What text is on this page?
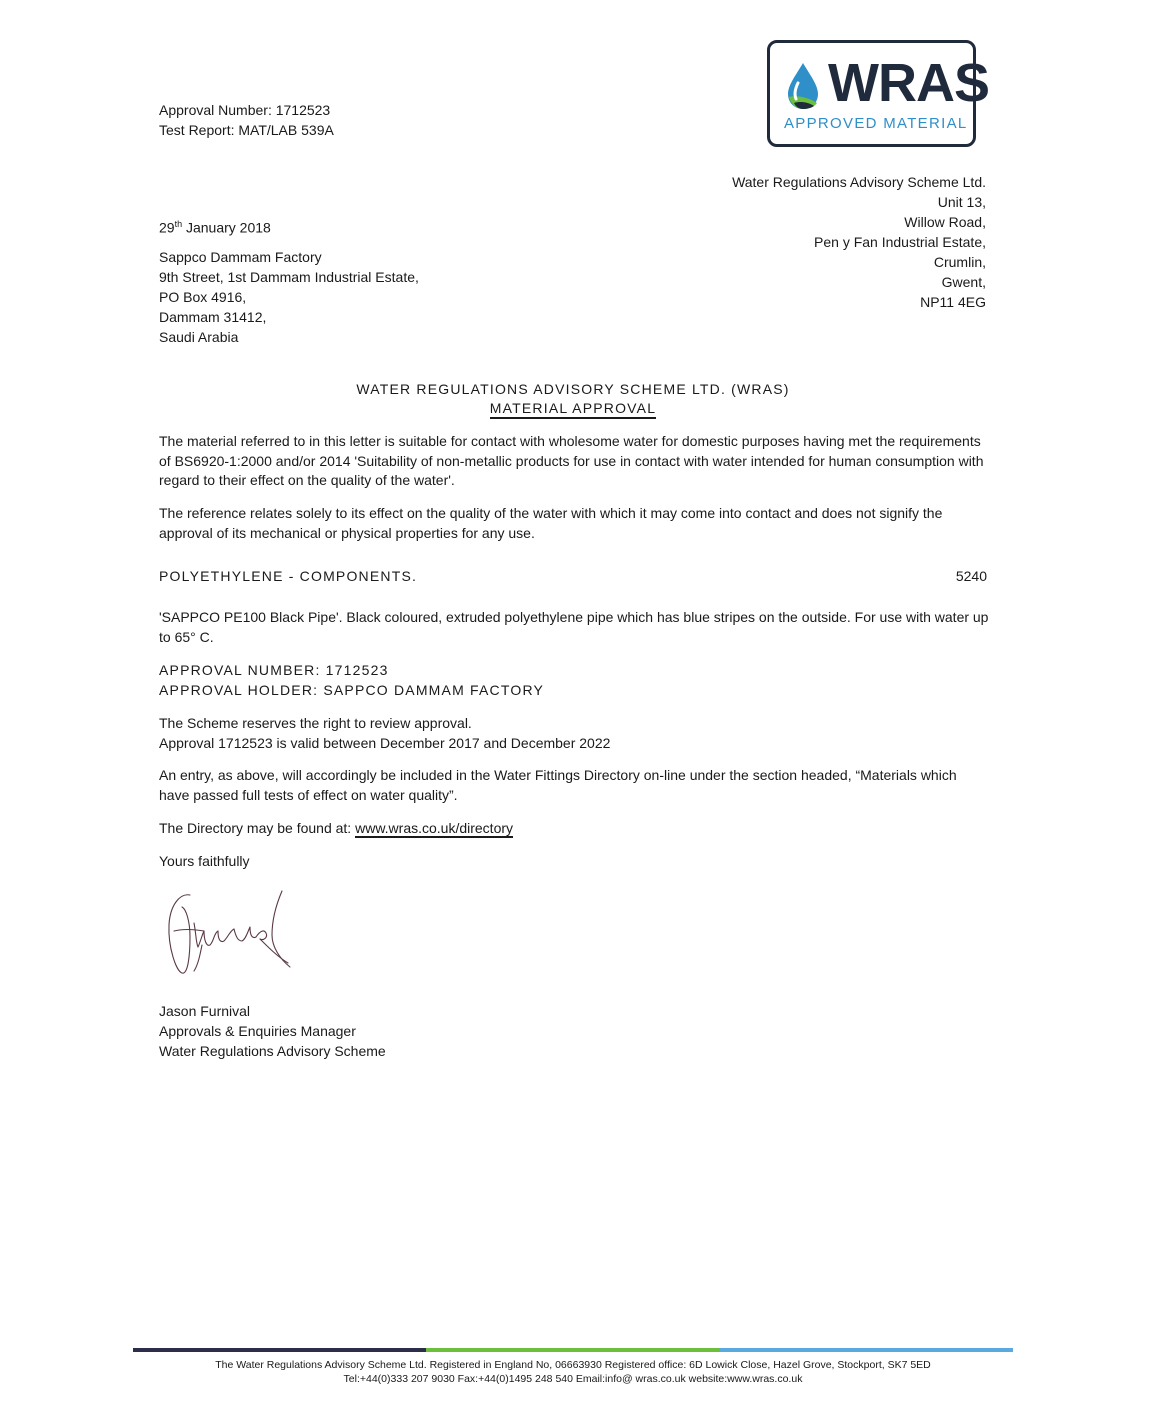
WRAS
APPROVED MATERIAL
Approval Number: 1712523
Test Report: MAT/LAB 539A
Water Regulations Advisory Scheme Ltd.
Unit 13,
Willow Road,
Pen y Fan Industrial Estate,
Crumlin,
Gwent,
NP11 4EG
29th January 2018
Sappco Dammam Factory
9th Street, 1st Dammam Industrial Estate,
PO Box 4916,
Dammam 31412,
Saudi Arabia
WATER REGULATIONS ADVISORY SCHEME LTD. (WRAS)
MATERIAL APPROVAL
The material referred to in this letter is suitable for contact with wholesome water for domestic purposes having met the requirements of BS6920-1:2000 and/or 2014 'Suitability of non-metallic products for use in contact with water intended for human consumption with regard to their effect on the quality of the water'.
The reference relates solely to its effect on the quality of the water with which it may come into contact and does not signify the approval of its mechanical or physical properties for any use.
POLYETHYLENE - COMPONENTS.	5240
'SAPPCO PE100 Black Pipe'. Black coloured, extruded polyethylene pipe which has blue stripes on the outside. For use with water up to 65° C.
APPROVAL NUMBER: 1712523
APPROVAL HOLDER: SAPPCO DAMMAM FACTORY
The Scheme reserves the right to review approval.
Approval 1712523 is valid between December 2017 and December 2022
An entry, as above, will accordingly be included in the Water Fittings Directory on-line under the section headed, “Materials which have passed full tests of effect on water quality”.
The Directory may be found at: www.wras.co.uk/directory
Yours faithfully
Jason Furnival
Approvals & Enquiries Manager
Water Regulations Advisory Scheme
The Water Regulations Advisory Scheme Ltd. Registered in England No, 06663930 Registered office: 6D Lowick Close, Hazel Grove, Stockport, SK7 5ED
Tel:+44(0)333 207 9030 Fax:+44(0)1495 248 540 Email:info@ wras.co.uk website:www.wras.co.uk
